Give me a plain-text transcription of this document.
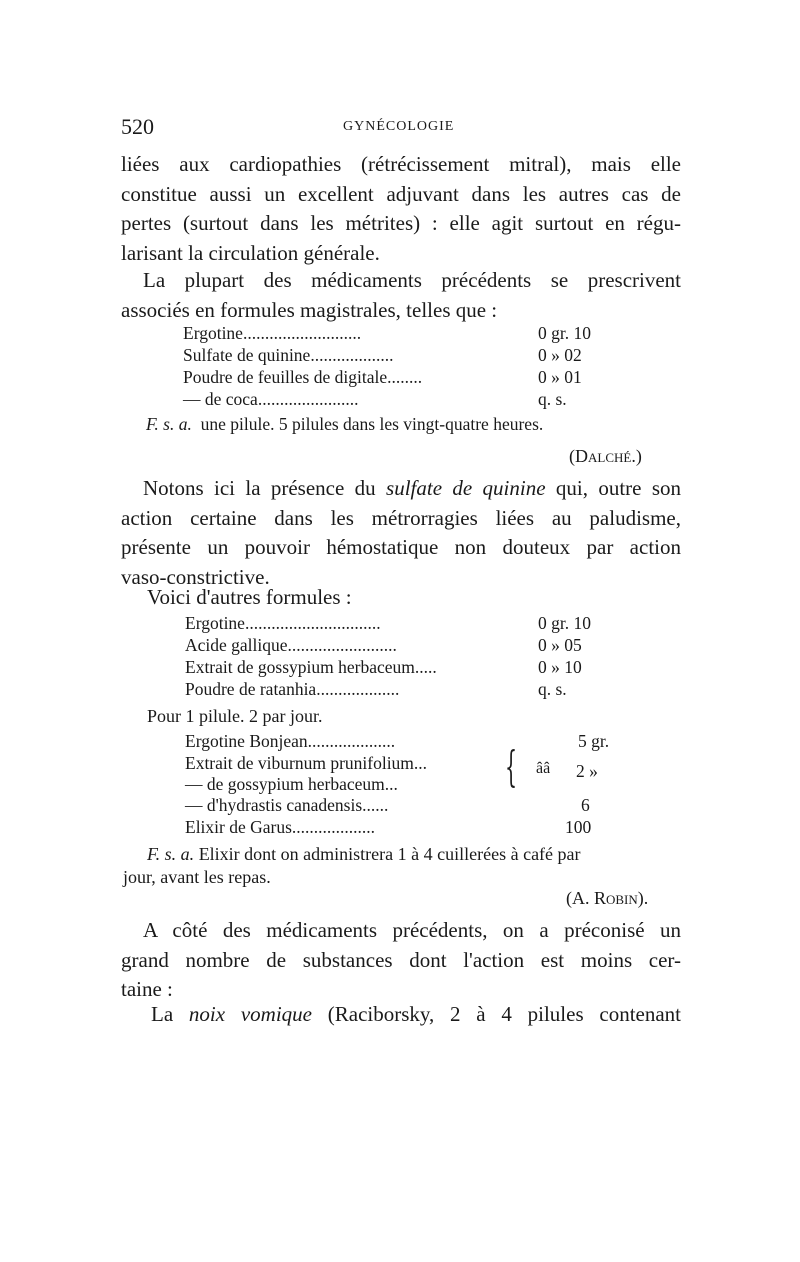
520	GYNÉCOLOGIE
liées aux cardiopathies (rétrécissement mitral), mais elle
constitue aussi un excellent adjuvant dans les autres cas de
pertes (surtout dans les métrites) : elle agit surtout en régu-
larisant la circulation générale.
La plupart des médicaments précédents se prescrivent
associés en formules magistrales, telles que :
Ergotine...........................	0 gr. 10
Sulfate de quinine...................	0 » 02
Poudre de feuilles de digitale........	0 » 01
— de coca.......................	q. s.
F. s. a. une pilule. 5 pilules dans les vingt-quatre heures.
(Dalché.)
Notons ici la présence du sulfate de quinine qui, outre son
action certaine dans les métrorragies liées au paludisme,
présente un pouvoir hémostatique non douteux par action
vaso-constrictive.
Voici d'autres formules :
Ergotine...............................	0 gr. 10
Acide gallique.........................	0 » 05
Extrait de gossypium herbaceum.....	0 » 10
Poudre de ratanhia...................	q. s.
Pour 1 pilule. 2 par jour.
Ergotine Bonjean....................	5 gr.
Extrait de viburnum prunifolium...
— de gossypium herbaceum...	{ ââ 2 »
— d'hydrastis canadensis......	6
Elixir de Garus...................	100
F. s. a. Elixir dont on administrera 1 à 4 cuillerées à café par
jour, avant les repas.
(A. Robin).
A côté des médicaments précédents, on a préconisé un
grand nombre de substances dont l'action est moins cer-
taine :
La noix vomique (Raciborsky, 2 à 4 pilules contenant
